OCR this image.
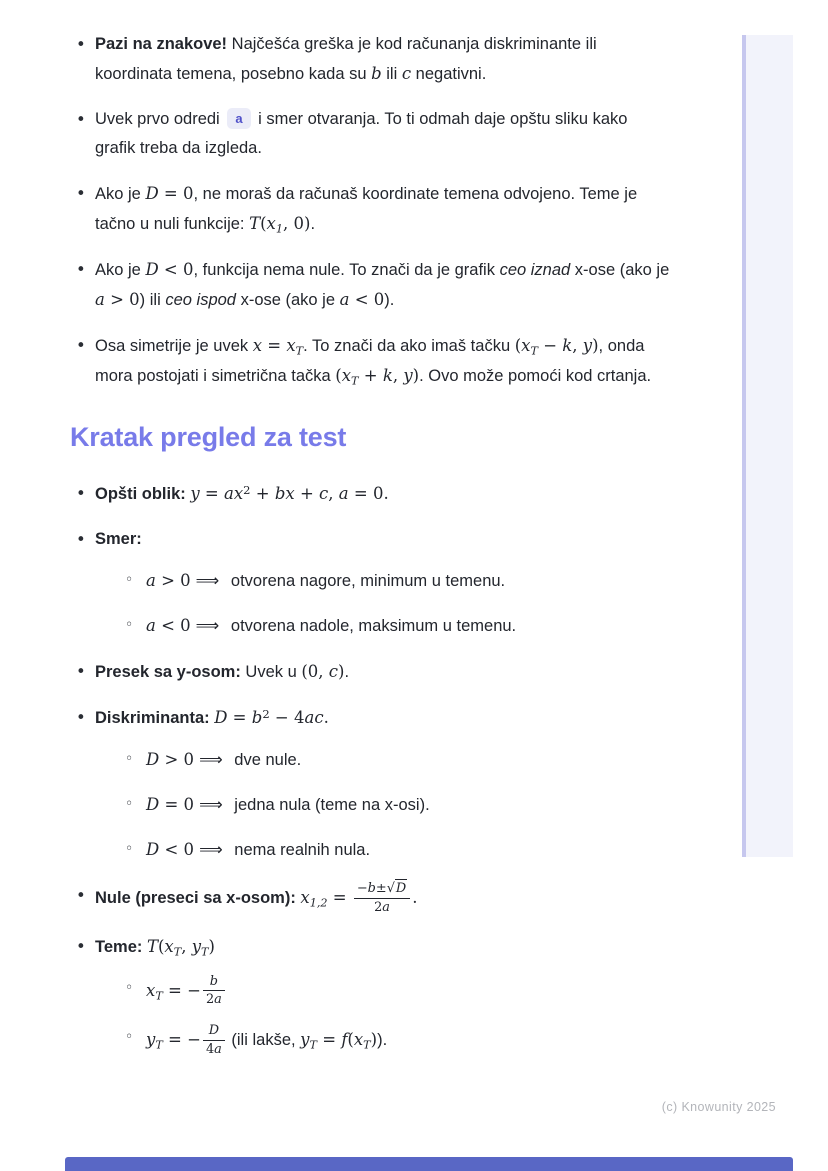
• Pazi na znakove! Najčešća greška je kod računanja diskriminante ili koordinata temena, posebno kada su b ili c negativni.
• Uvek prvo odredi a i smer otvaranja. To ti odmah daje opštu sliku kako grafik treba da izgleda.
• Ako je D = 0, ne moraš da računaš koordinate temena odvojeno. Teme je tačno u nuli funkcije: $T(x_1$, 0).
• Ako je D < 0, funkcija nema nule. To znači da je grafik ceo iznad x-ose (ako je a > 0) ili ceo ispod x-ose (ako je a < 0).
• Osa simetrije je uvek $x = x_T$. To znači da ako imaš tačku ($x_T - k$, y), onda mora postojati i simetrična tačka ($x_T + k$, y). Ovo može pomoći kod crtanja.
Kratak pregled za test
• Opšti oblik: $y = ax^2$ + bx + c, a = 0.
• Smer:
◦ a > 0 ⟹ otvorena nagore, minimum u temenu.
◦ a < 0 ⟹ otvorena nadole, maksimum u temenu.
• Presek sa y-osom: Uvek u (0, c).
• Diskriminanta: $D = b^2 - 4ac$.
◦ D > 0 ⟹ dve nule.
◦ D = 0 ⟹ jedna nula (teme na x-osi).
◦ D < 0 ⟹ nema realnih nula.
• Nule (preseci sa x-osom): $x_{1,2} = \frac{-b\pm√D}{2a}$ .
• Teme: $T(x_T$, $y_T$)
◦ $x_T$ = − $\frac{b}{2a}$
◦ $y_T$ = − $\frac{D}{4a} (ili$ lakše, $y_T = f(x_T)$).
(c) Knowunity 2025
